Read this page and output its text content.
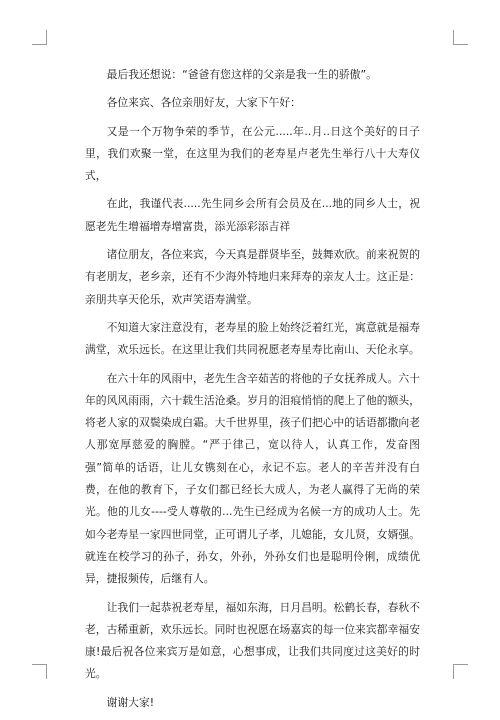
最后我还想说：“爸爸有您这样的父亲是我一生的骄傲”。

各位来宾、各位亲朋好友，大家下午好：

又是一个万物争荣的季节，在公元.....年..月..日这个美好的日子里，我们欢聚一堂，在这里为我们的老寿星卢老先生举行八十大寿仪式，

在此，我谨代表.....先生同乡会所有会员及在...地的同乡人士，祝愿老先生增福增寿增富贵，添光添彩添吉祥

诸位朋友，各位来宾，今天真是群贤毕至，鼓舞欢欣。前来祝贺的有老朋友，老乡亲，还有不少海外特地归来拜寿的亲友人士。这正是：亲朋共享天伦乐，欢声笑语寿满堂。

不知道大家注意没有，老寿星的脸上始终泛着红光，寓意就是福寿满堂，欢乐远长。在这里让我们共同祝愿老寿星寿比南山、天伦永享。

在六十年的风雨中，老先生含辛茹苦的将他的子女抚养成人。六十年的风风雨雨，六十载生活沧桑。岁月的泪痕悄悄的爬上了他的额头，将老人家的双鬓染成白霜。大千世界里，孩子们把心中的话语都撒向老人那宽厚慈爱的胸膛。“严于律己，宽以待人，认真工作，发奋图强”简单的话语，让儿女镌刻在心，永记不忘。老人的辛苦并没有白费，在他的教育下，子女们都已经长大成人，为老人赢得了无尚的荣光。他的儿女----受人尊敬的...先生已经成为名候一方的成功人士。先如今老寿星一家四世同堂，正可谓儿子孝，儿媳能，女儿贤，女婿强。就连在校学习的孙子，孙女，外孙，外孙女们也是聪明伶俐，成绩优异，捷报频传，后继有人。

让我们一起恭祝老寿星，福如东海，日月昌明。松鹤长春，春秋不老，古稀重新，欢乐远长。同时也祝愿在场嘉宾的每一位来宾都幸福安康!最后祝各位来宾万是如意，心想事成，让我们共同度过这美好的时光。

谢谢大家!
